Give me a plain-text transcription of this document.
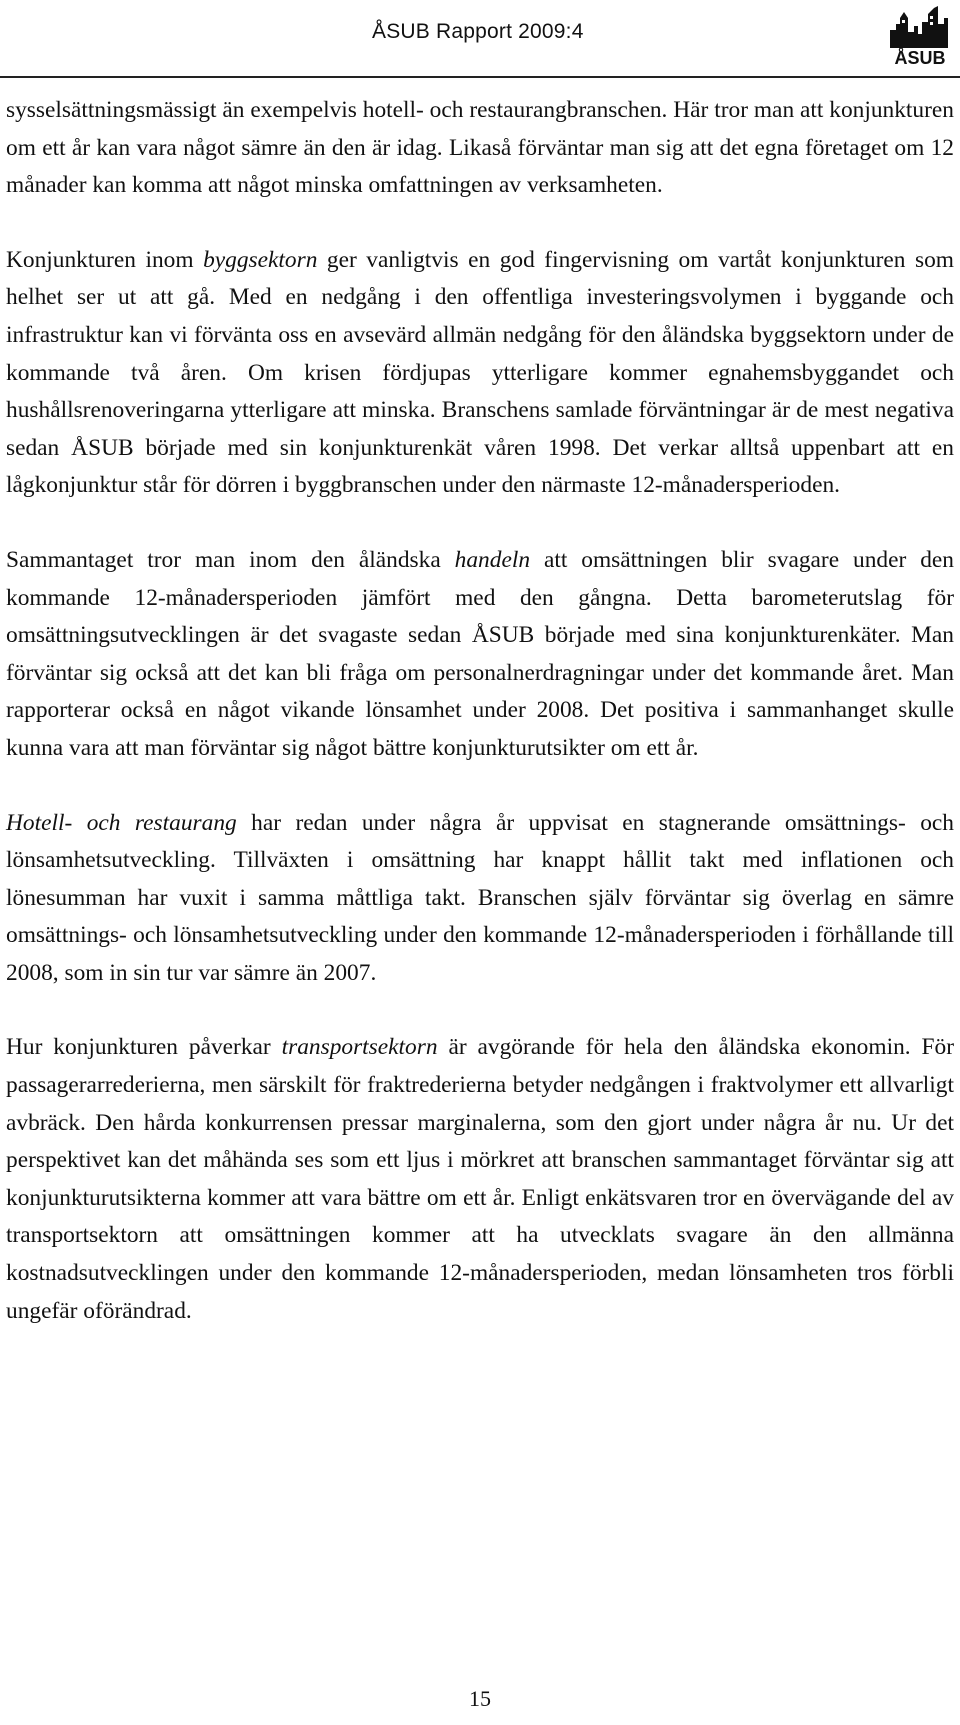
ÅSUB Rapport 2009:4
ÅSUB

sysselsättningsmässigt än exempelvis hotell- och restaurangbranschen. Här tror man att konjunkturen om ett år kan vara något sämre än den är idag. Likaså förväntar man sig att det egna företaget om 12 månader kan komma att något minska omfattningen av verksamheten.

Konjunkturen inom byggsektorn ger vanligtvis en god fingervisning om vartåt konjunkturen som helhet ser ut att gå. Med en nedgång i den offentliga investeringsvolymen i byggande och infrastruktur kan vi förvänta oss en avsevärd allmän nedgång för den åländska byggsektorn under de kommande två åren. Om krisen fördjupas ytterligare kommer egnahemsbyggandet och hushållsrenoveringarna ytterligare att minska. Branschens samlade förväntningar är de mest negativa sedan ÅSUB började med sin konjunkturenkät våren 1998. Det verkar alltså uppenbart att en lågkonjunktur står för dörren i byggbranschen under den närmaste 12-månadersperioden.

Sammantaget tror man inom den åländska handeln att omsättningen blir svagare under den kommande 12-månadersperioden jämfört med den gångna. Detta barometerutslag för omsättningsutvecklingen är det svagaste sedan ÅSUB började med sina konjunkturenkäter. Man förväntar sig också att det kan bli fråga om personalnerdragningar under det kommande året. Man rapporterar också en något vikande lönsamhet under 2008. Det positiva i sammanhanget skulle kunna vara att man förväntar sig något bättre konjunkturutsikter om ett år.

Hotell- och restaurang har redan under några år uppvisat en stagnerande omsättnings- och lönsamhetsutveckling. Tillväxten i omsättning har knappt hållit takt med inflationen och lönesumman har vuxit i samma måttliga takt. Branschen själv förväntar sig överlag en sämre omsättnings- och lönsamhetsutveckling under den kommande 12-månadersperioden i förhållande till 2008, som in sin tur var sämre än 2007.

Hur konjunkturen påverkar transportsektorn är avgörande för hela den åländska ekonomin. För passagerarrederierna, men särskilt för fraktrederierna betyder nedgången i fraktvolymer ett allvarligt avbräck. Den hårda konkurrensen pressar marginalerna, som den gjort under några år nu. Ur det perspektivet kan det måhända ses som ett ljus i mörkret att branschen sammantaget förväntar sig att konjunkturutsikterna kommer att vara bättre om ett år. Enligt enkätsvaren tror en övervägande del av transportsektorn att omsättningen kommer att ha utvecklats svagare än den allmänna kostnadsutvecklingen under den kommande 12-månadersperioden, medan lönsamheten tros förbli ungefär oförändrad.

15
